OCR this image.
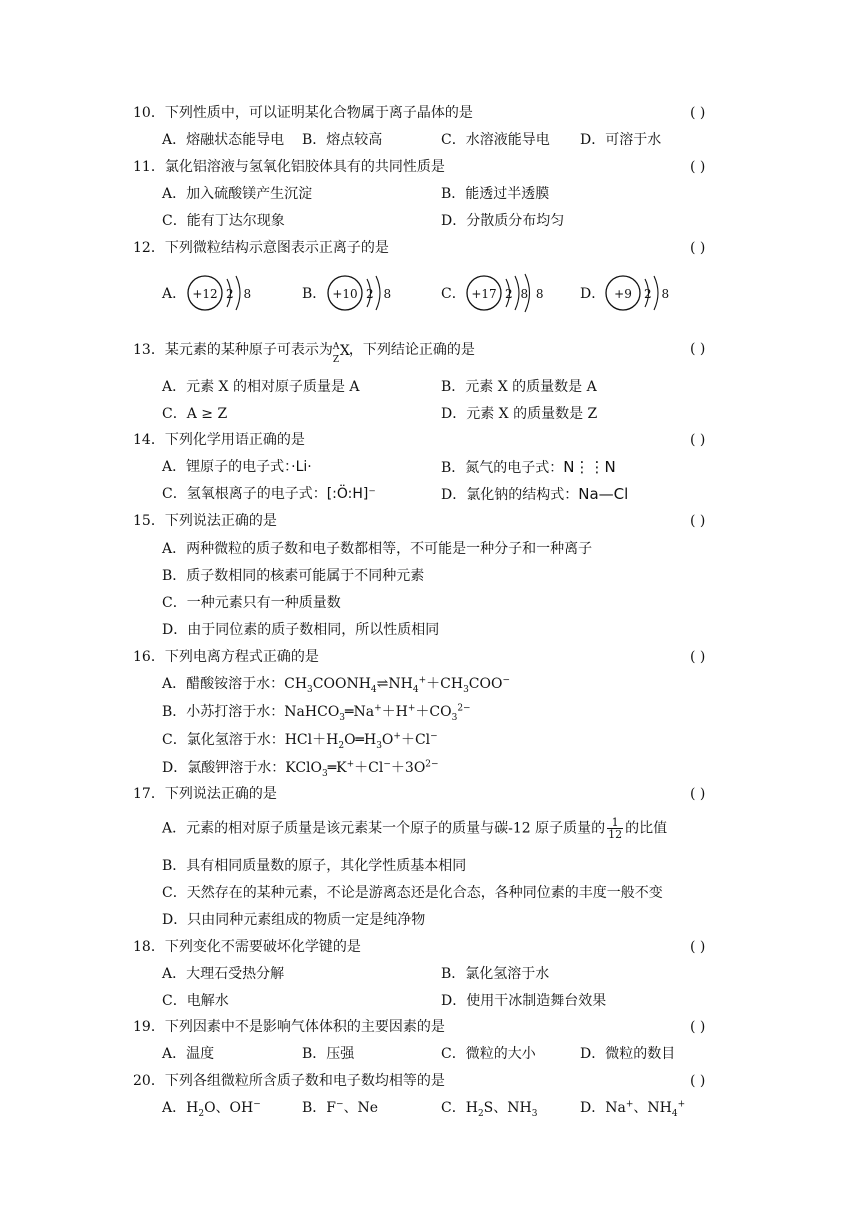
10．下列性质中，可以证明某化合物属于离子晶体的是	( )
A．熔融状态能导电 B．熔点较高	C．水溶液能导电 D．可溶于水
11．氯化铝溶液与氢氧化铝胶体具有的共同性质是	( )
A．加入硫酸镁产生沉淀	B．能透过半透膜
C．能有丁达尔现象	D．分散质分布均匀
12．下列微粒结构示意图表示正离子的是	( )
A． +12 2 8	B． +10 2 8	C． +17 2 8 8 D． +9 2 8
13．某元素的某种原子可表示为 A
Z
X ，下列结论正确的是	( )
A．元素 X 的相对原子质量是 A	B．元素 X 的质量数是 A
C．A ≥ Z	D．元素 X 的质量数是 Z
14．下列化学用语正确的是	( )
A．锂原子的电子式：·Li·	B．氮气的电子式：N⋮⋮N
C．氢氧根离子的电子式：[:Ö:H]⁻	D．氯化钠的结构式：Na—Cl
15．下列说法正确的是	( )
A．两种微粒的质子数和电子数都相等，不可能是一种分子和一种离子
B．质子数相同的核素可能属于不同种元素
C．一种元素只有一种质量数
D．由于同位素的质子数相同，所以性质相同
16．下列电离方程式正确的是	( )
A．醋酸铵溶于水：$CH_3COONH_4\rightleftharpoons NH_4^++CH_3COO^-$
B．小苏打溶于水：$NaHCO_3═Na^++H^++CO_3^{2-}$
C．氯化氢溶于水：$HCl+H_2O═H_3O^++Cl^-$
D．氯酸钾溶于水：$KClO_3═K^++Cl^-+3O^{2-}$
17．下列说法正确的是	( )
A．元素的相对原子质量是该元素某一个原子的质量与碳-12 原子质量的 $\frac{1}{12}$ 的比值
B．具有相同质量数的原子，其化学性质基本相同
C．天然存在的某种元素，不论是游离态还是化合态，各种同位素的丰度一般不变
D．只由同种元素组成的物质一定是纯净物
18．下列变化不需要破坏化学键的是	( )
A．大理石受热分解	B．氯化氢溶于水
C．电解水	D．使用干冰制造舞台效果
19．下列因素中不是影响气体体积的主要因素的是	( )
A．温度	B．压强	C．微粒的大小	D．微粒的数目
20．下列各组微粒所含质子数和电子数均相等的是	( )
A．$H_2O$、OH−	B．F−、Ne	C．$H_2S$、$NH_3$	D．Na+、$NH_4^+$
